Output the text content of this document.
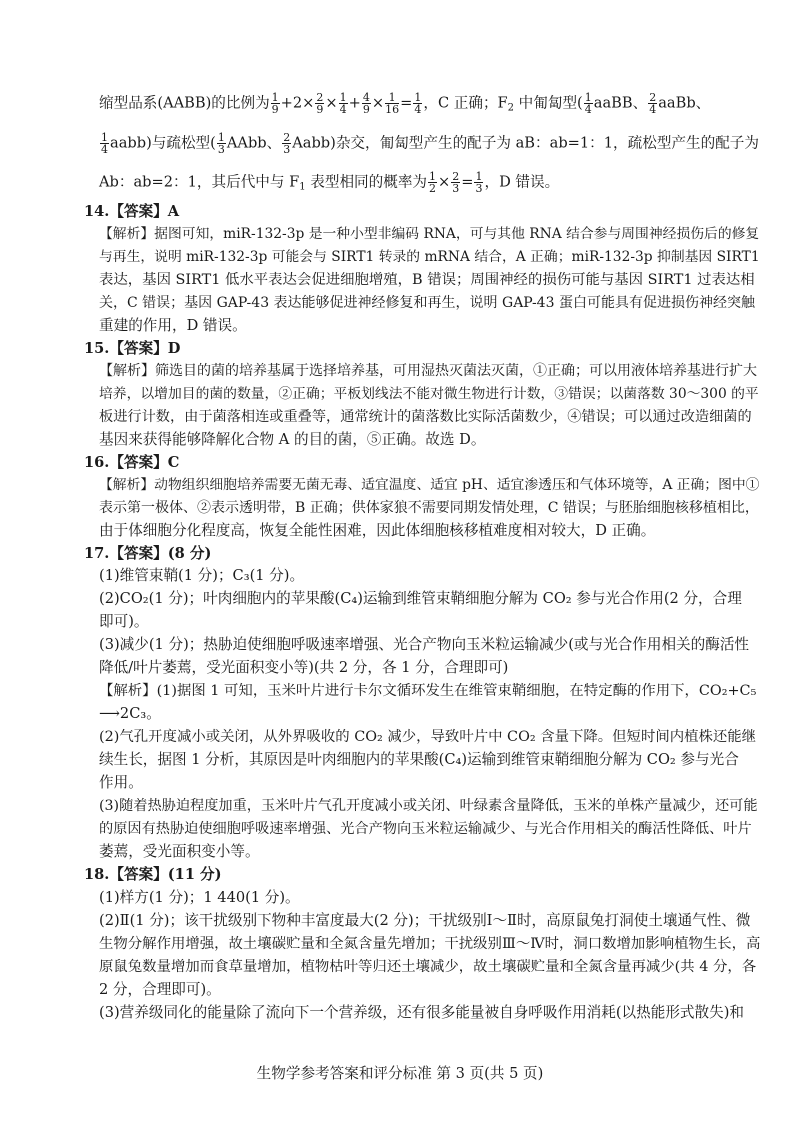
缩型品系(AABB)的比例为 $\frac{1}{9} +2\times \frac{2}{9} \times \frac{1}{4} + \frac{4}{9} \times \frac{1}{16} = \frac{1}{4}$ ，C 正确；$F_2$ 中匍匐型( $\frac{1}{4}$ aaBB、 $\frac{2}{4}$ aaBb、
$\frac{1}{4}$ aabb)与疏松型( $\frac{1}{3}$ AAbb、 $\frac{2}{3}$ Aabb)杂交，匍匐型产生的配子为 aB：ab=1：1，疏松型产生的配子为
Ab：ab=2：1，其后代中与 $F_1$ 表型相同的概率为 $\frac{1}{2} \times \frac{2}{3} = \frac{1}{3}$ ，D 错误。
14.【答案】A
【解析】据图可知，miR-132-3p 是一种小型非编码 RNA，可与其他 RNA 结合参与周围神经损伤后的修复
与再生，说明 miR-132-3p 可能会与 SIRT1 转录的 mRNA 结合，A 正确；miR-132-3p 抑制基因 SIRT1
表达，基因 SIRT1 低水平表达会促进细胞增殖，B 错误；周围神经的损伤可能与基因 SIRT1 过表达相
关，C 错误；基因 GAP-43 表达能够促进神经修复和再生，说明 GAP-43 蛋白可能具有促进损伤神经突触
重建的作用，D 错误。
15.【答案】D
【解析】筛选目的菌的培养基属于选择培养基，可用湿热灭菌法灭菌，①正确；可以用液体培养基进行扩大
培养，以增加目的菌的数量，②正确；平板划线法不能对微生物进行计数，③错误；以菌落数 30～300 的平
板进行计数，由于菌落相连或重叠等，通常统计的菌落数比实际活菌数少，④错误；可以通过改造细菌的
基因来获得能够降解化合物 A 的目的菌，⑤正确。故选 D。
16.【答案】C
【解析】动物组织细胞培养需要无菌无毒、适宜温度、适宜 pH、适宜渗透压和气体环境等，A 正确；图中①
表示第一极体、②表示透明带，B 正确；供体家狼不需要同期发情处理，C 错误；与胚胎细胞核移植相比，
由于体细胞分化程度高，恢复全能性困难，因此体细胞核移植难度相对较大，D 正确。
17.【答案】(8 分)
(1)维管束鞘(1 分)；C₃(1 分)。
(2)CO₂(1 分)；叶肉细胞内的苹果酸(C₄)运输到维管束鞘细胞分解为 CO₂ 参与光合作用(2 分，合理
即可)。
(3)减少(1 分)；热胁迫使细胞呼吸速率增强、光合产物向玉米粒运输减少(或与光合作用相关的酶活性
降低/叶片萎蔫，受光面积变小等)(共 2 分，各 1 分，合理即可)
【解析】(1)据图 1 可知，玉米叶片进行卡尔文循环发生在维管束鞘细胞，在特定酶的作用下，CO₂+C₅
⟶2C₃。
(2)气孔开度减小或关闭，从外界吸收的 CO₂ 减少，导致叶片中 CO₂ 含量下降。但短时间内植株还能继
续生长，据图 1 分析，其原因是叶肉细胞内的苹果酸(C₄)运输到维管束鞘细胞分解为 CO₂ 参与光合
作用。
(3)随着热胁迫程度加重，玉米叶片气孔开度减小或关闭、叶绿素含量降低，玉米的单株产量减少，还可能
的原因有热胁迫使细胞呼吸速率增强、光合产物向玉米粒运输减少、与光合作用相关的酶活性降低、叶片
萎蔫，受光面积变小等。
18.【答案】(11 分)
(1)样方(1 分)；1 440(1 分)。
(2)Ⅱ(1 分)；该干扰级别下物种丰富度最大(2 分)；干扰级别Ⅰ～Ⅱ时，高原鼠兔打洞使土壤通气性、微
生物分解作用增强，故土壤碳贮量和全氮含量先增加；干扰级别Ⅲ～Ⅳ时，洞口数增加影响植物生长，高
原鼠兔数量增加而食草量增加，植物枯叶等归还土壤减少，故土壤碳贮量和全氮含量再减少(共 4 分，各
2 分，合理即可)。
(3)营养级同化的能量除了流向下一个营养级，还有很多能量被自身呼吸作用消耗(以热能形式散失)和
生物学参考答案和评分标准 第 3 页(共 5 页)
